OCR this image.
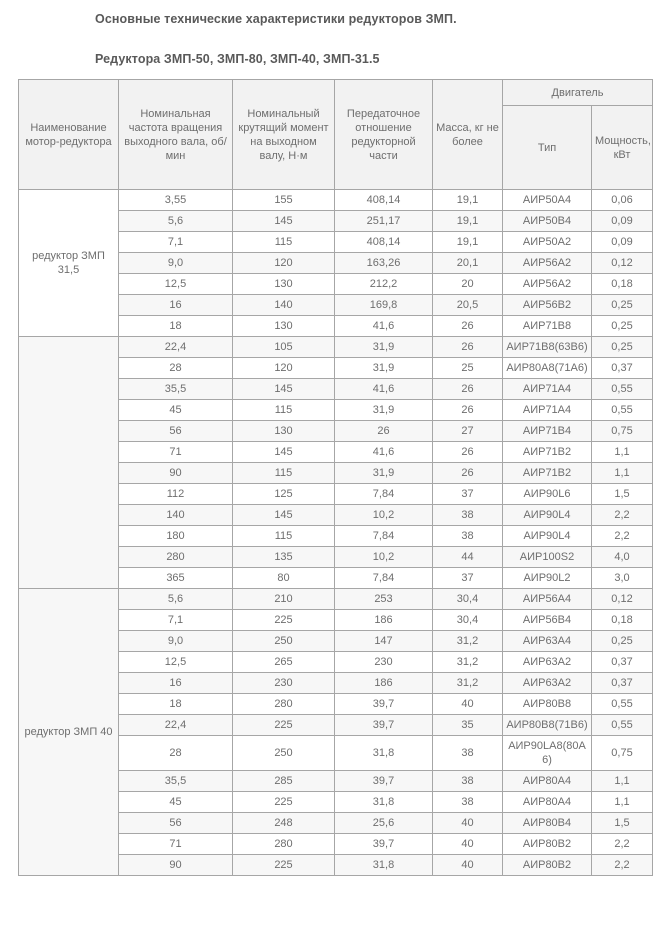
Основные технические характеристики редукторов ЗМП.
Редуктора ЗМП-50, ЗМП-80, ЗМП-40, ЗМП-31.5
Наименование мотор-редуктора	Номинальная частота вращения выходного вала, об/ мин	Номинальный крутящий момент на выходном валу, Н·м	Передаточное отношение редукторной части	Масса, кг не более	Двигатель	
					Тип	Мощность, кВт
редуктор ЗМП 31,5	3,55	155	408,14	19,1	АИР50А4	0,06
	5,6	145	251,17	19,1	АИР50В4	0,09
	7,1	115	408,14	19,1	АИР50А2	0,09
	9,0	120	163,26	20,1	АИР56А2	0,12
	12,5	130	212,2	20	АИР56А2	0,18
	16	140	169,8	20,5	АИР56В2	0,25
	18	130	41,6	26	АИР71В8	0,25
	22,4	105	31,9	26	АИР71В8(63В6)	0,25
	28	120	31,9	25	АИР80А8(71А6)	0,37
	35,5	145	41,6	26	АИР71А4	0,55
	45	115	31,9	26	АИР71А4	0,55
	56	130	26	27	АИР71В4	0,75
	71	145	41,6	26	АИР71В2	1,1
	90	115	31,9	26	АИР71В2	1,1
	112	125	7,84	37	АИР90L6	1,5
	140	145	10,2	38	АИР90L4	2,2
	180	115	7,84	38	АИР90L4	2,2
	280	135	10,2	44	АИР100S2	4,0
	365	80	7,84	37	АИР90L2	3,0
редуктор ЗМП 40	5,6	210	253	30,4	АИР56А4	0,12
	7,1	225	186	30,4	АИР56В4	0,18
	9,0	250	147	31,2	АИР63А4	0,25
	12,5	265	230	31,2	АИР63А2	0,37
	16	230	186	31,2	АИР63А2	0,37
	18	280	39,7	40	АИР80В8	0,55
	22,4	225	39,7	35	АИР80В8(71В6)	0,55
	28	250	31,8	38	АИР90LА8(80А6)	0,75
	35,5	285	39,7	38	АИР80А4	1,1
	45	225	31,8	38	АИР80А4	1,1
	56	248	25,6	40	АИР80В4	1,5
	71	280	39,7	40	АИР80В2	2,2
	90	225	31,8	40	АИР80В2	2,2
